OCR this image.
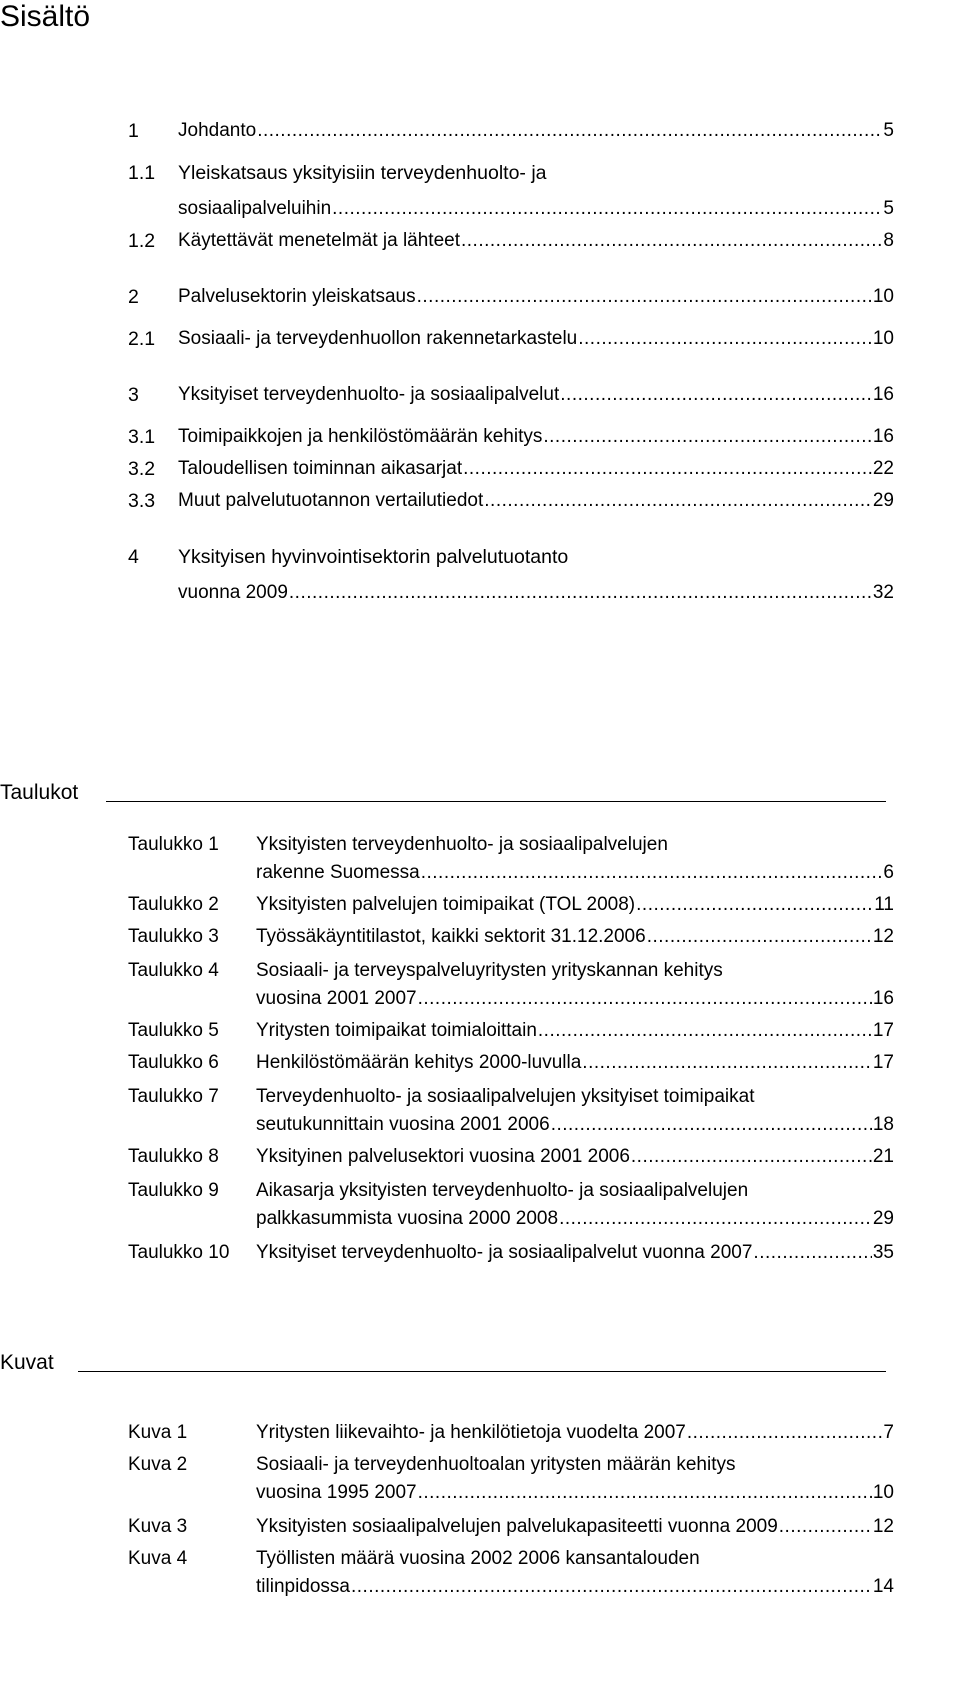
Sisältö
1 Johdanto .....	5
1.1 Yleiskatsaus yksityisiin terveydenhuolto- ja
sosiaalipalveluihin .....	5
1.2 Käytettävät menetelmät ja lähteet .....	8
2 Palvelusektorin yleiskatsaus .....	10
2.1 Sosiaali- ja terveydenhuollon rakennetarkastelu .....	10
3 Yksityiset terveydenhuolto- ja sosiaalipalvelut .....	16
3.1 Toimipaikkojen ja henkilöstömäärän kehitys .....	16
3.2 Taloudellisen toiminnan aikasarjat .....	22
3.3 Muut palvelutuotannon vertailutiedot .....	29
4 Yksityisen hyvinvointisektorin palvelutuotanto
vuonna 2009 .....	32
Taulukot
Taulukko 1 Yksityisten terveydenhuolto- ja sosiaalipalvelujen
rakenne Suomessa .....	6
Taulukko 2 Yksityisten palvelujen toimipaikat (TOL 2008) .....	11
Taulukko 3 Työssäkäyntitilastot, kaikki sektorit 31.12.2006 .....	12
Taulukko 4 Sosiaali- ja terveyspalveluyritysten yrityskannan kehitys
vuosina 2001 2007 .....	16
Taulukko 5 Yritysten toimipaikat toimialoittain .....	17
Taulukko 6 Henkilöstömäärän kehitys 2000-luvulla .....	17
Taulukko 7 Terveydenhuolto- ja sosiaalipalvelujen yksityiset toimipaikat
seutukunnittain vuosina 2001 2006 .....	18
Taulukko 8 Yksityinen palvelusektori vuosina 2001 2006 .....	21
Taulukko 9 Aikasarja yksityisten terveydenhuolto- ja sosiaalipalvelujen
palkkasummista vuosina 2000 2008 .....	29
Taulukko 10 Yksityiset terveydenhuolto- ja sosiaalipalvelut vuonna 2007 .....	35
Kuvat
Kuva 1	Yritysten liikevaihto- ja henkilötietoja vuodelta 2007 .....	7
Kuva 2	Sosiaali- ja terveydenhuoltoalan yritysten määrän kehitys
vuosina 1995 2007 .....	10
Kuva 3	Yksityisten sosiaalipalvelujen palvelukapasiteetti vuonna 2009 .....	12
Kuva 4	Työllisten määrä vuosina 2002 2006 kansantalouden
tilinpidossa .....	14
